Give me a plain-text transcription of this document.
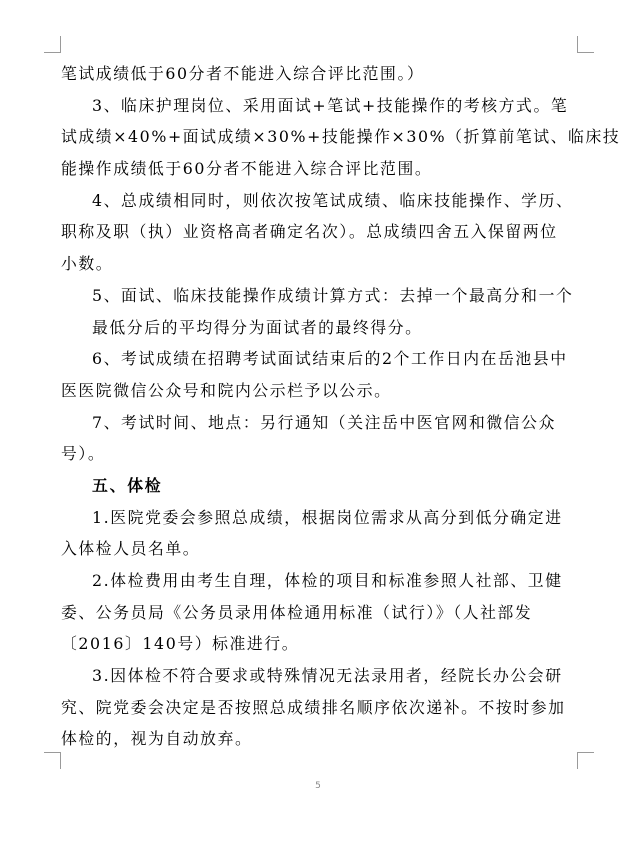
笔试成绩低于60分者不能进入综合评比范围。）
3、临床护理岗位、采用面试+笔试+技能操作的考核方式。笔
试成绩×40%+面试成绩×30%+技能操作×30%（折算前笔试、临床技
能操作成绩低于60分者不能进入综合评比范围。
4、总成绩相同时，则依次按笔试成绩、临床技能操作、学历、
职称及职（执）业资格高者确定名次）。总成绩四舍五入保留两位
小数。
5、面试、临床技能操作成绩计算方式：去掉一个最高分和一个
最低分后的平均得分为面试者的最终得分。
6、考试成绩在招聘考试面试结束后的2个工作日内在岳池县中
医医院微信公众号和院内公示栏予以公示。
7、考试时间、地点：另行通知（关注岳中医官网和微信公众
号）。
五、体检
1.医院党委会参照总成绩，根据岗位需求从高分到低分确定进
入体检人员名单。
2.体检费用由考生自理，体检的项目和标准参照人社部、卫健
委、公务员局《公务员录用体检通用标准（试行）》（人社部发
〔2016〕140号）标准进行。
3.因体检不符合要求或特殊情况无法录用者，经院长办公会研
究、院党委会决定是否按照总成绩排名顺序依次递补。不按时参加
体检的，视为自动放弃。
5
